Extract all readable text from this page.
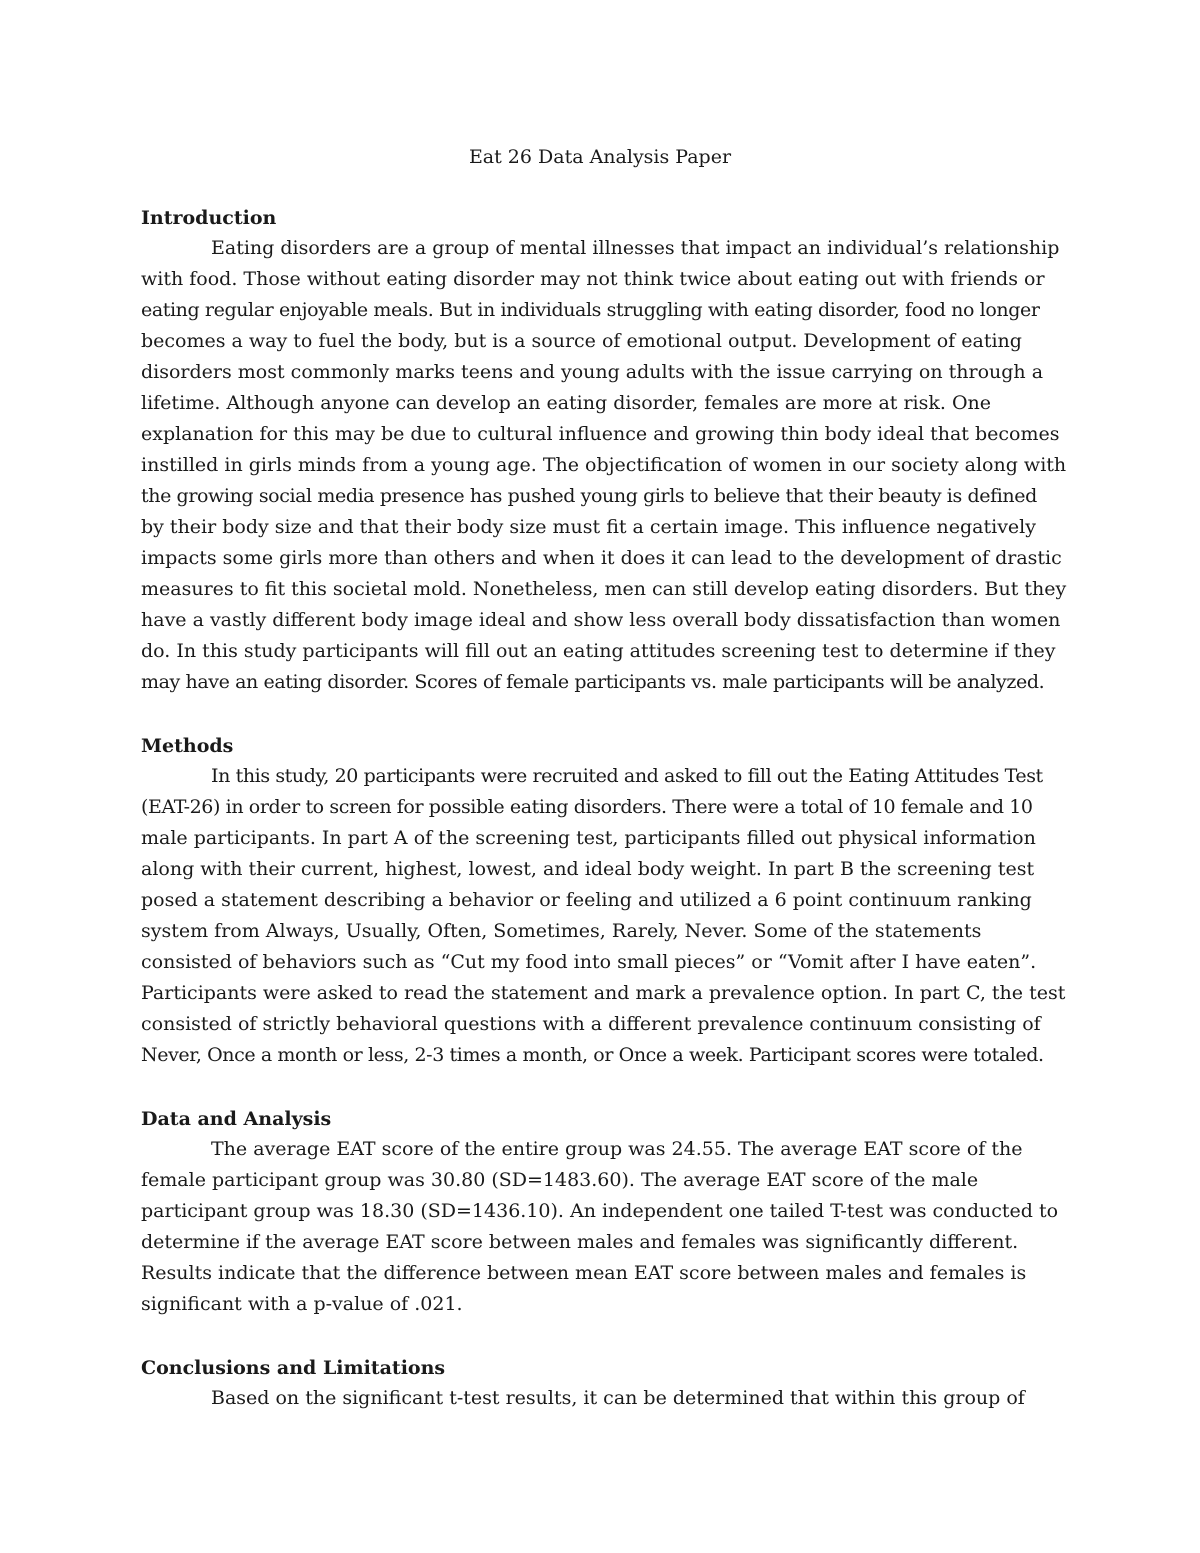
Eat 26 Data Analysis Paper
Introduction
Eating disorders are a group of mental illnesses that impact an individual’s relationship
with food. Those without eating disorder may not think twice about eating out with friends or
eating regular enjoyable meals. But in individuals struggling with eating disorder, food no longer
becomes a way to fuel the body, but is a source of emotional output. Development of eating
disorders most commonly marks teens and young adults with the issue carrying on through a
lifetime. Although anyone can develop an eating disorder, females are more at risk. One
explanation for this may be due to cultural influence and growing thin body ideal that becomes
instilled in girls minds from a young age. The objectification of women in our society along with
the growing social media presence has pushed young girls to believe that their beauty is defined
by their body size and that their body size must fit a certain image. This influence negatively
impacts some girls more than others and when it does it can lead to the development of drastic
measures to fit this societal mold. Nonetheless, men can still develop eating disorders. But they
have a vastly different body image ideal and show less overall body dissatisfaction than women
do. In this study participants will fill out an eating attitudes screening test to determine if they
may have an eating disorder. Scores of female participants vs. male participants will be analyzed.
Methods
In this study, 20 participants were recruited and asked to fill out the Eating Attitudes Test
(EAT-26) in order to screen for possible eating disorders. There were a total of 10 female and 10
male participants. In part A of the screening test, participants filled out physical information
along with their current, highest, lowest, and ideal body weight. In part B the screening test
posed a statement describing a behavior or feeling and utilized a 6 point continuum ranking
system from Always, Usually, Often, Sometimes, Rarely, Never. Some of the statements
consisted of behaviors such as “Cut my food into small pieces” or “Vomit after I have eaten”.
Participants were asked to read the statement and mark a prevalence option. In part C, the test
consisted of strictly behavioral questions with a different prevalence continuum consisting of
Never, Once a month or less, 2-3 times a month, or Once a week. Participant scores were totaled.
Data and Analysis
The average EAT score of the entire group was 24.55. The average EAT score of the
female participant group was 30.80 (SD=1483.60). The average EAT score of the male
participant group was 18.30 (SD=1436.10). An independent one tailed T-test was conducted to
determine if the average EAT score between males and females was significantly different.
Results indicate that the difference between mean EAT score between males and females is
significant with a p-value of .021.
Conclusions and Limitations
Based on the significant t-test results, it can be determined that within this group of
